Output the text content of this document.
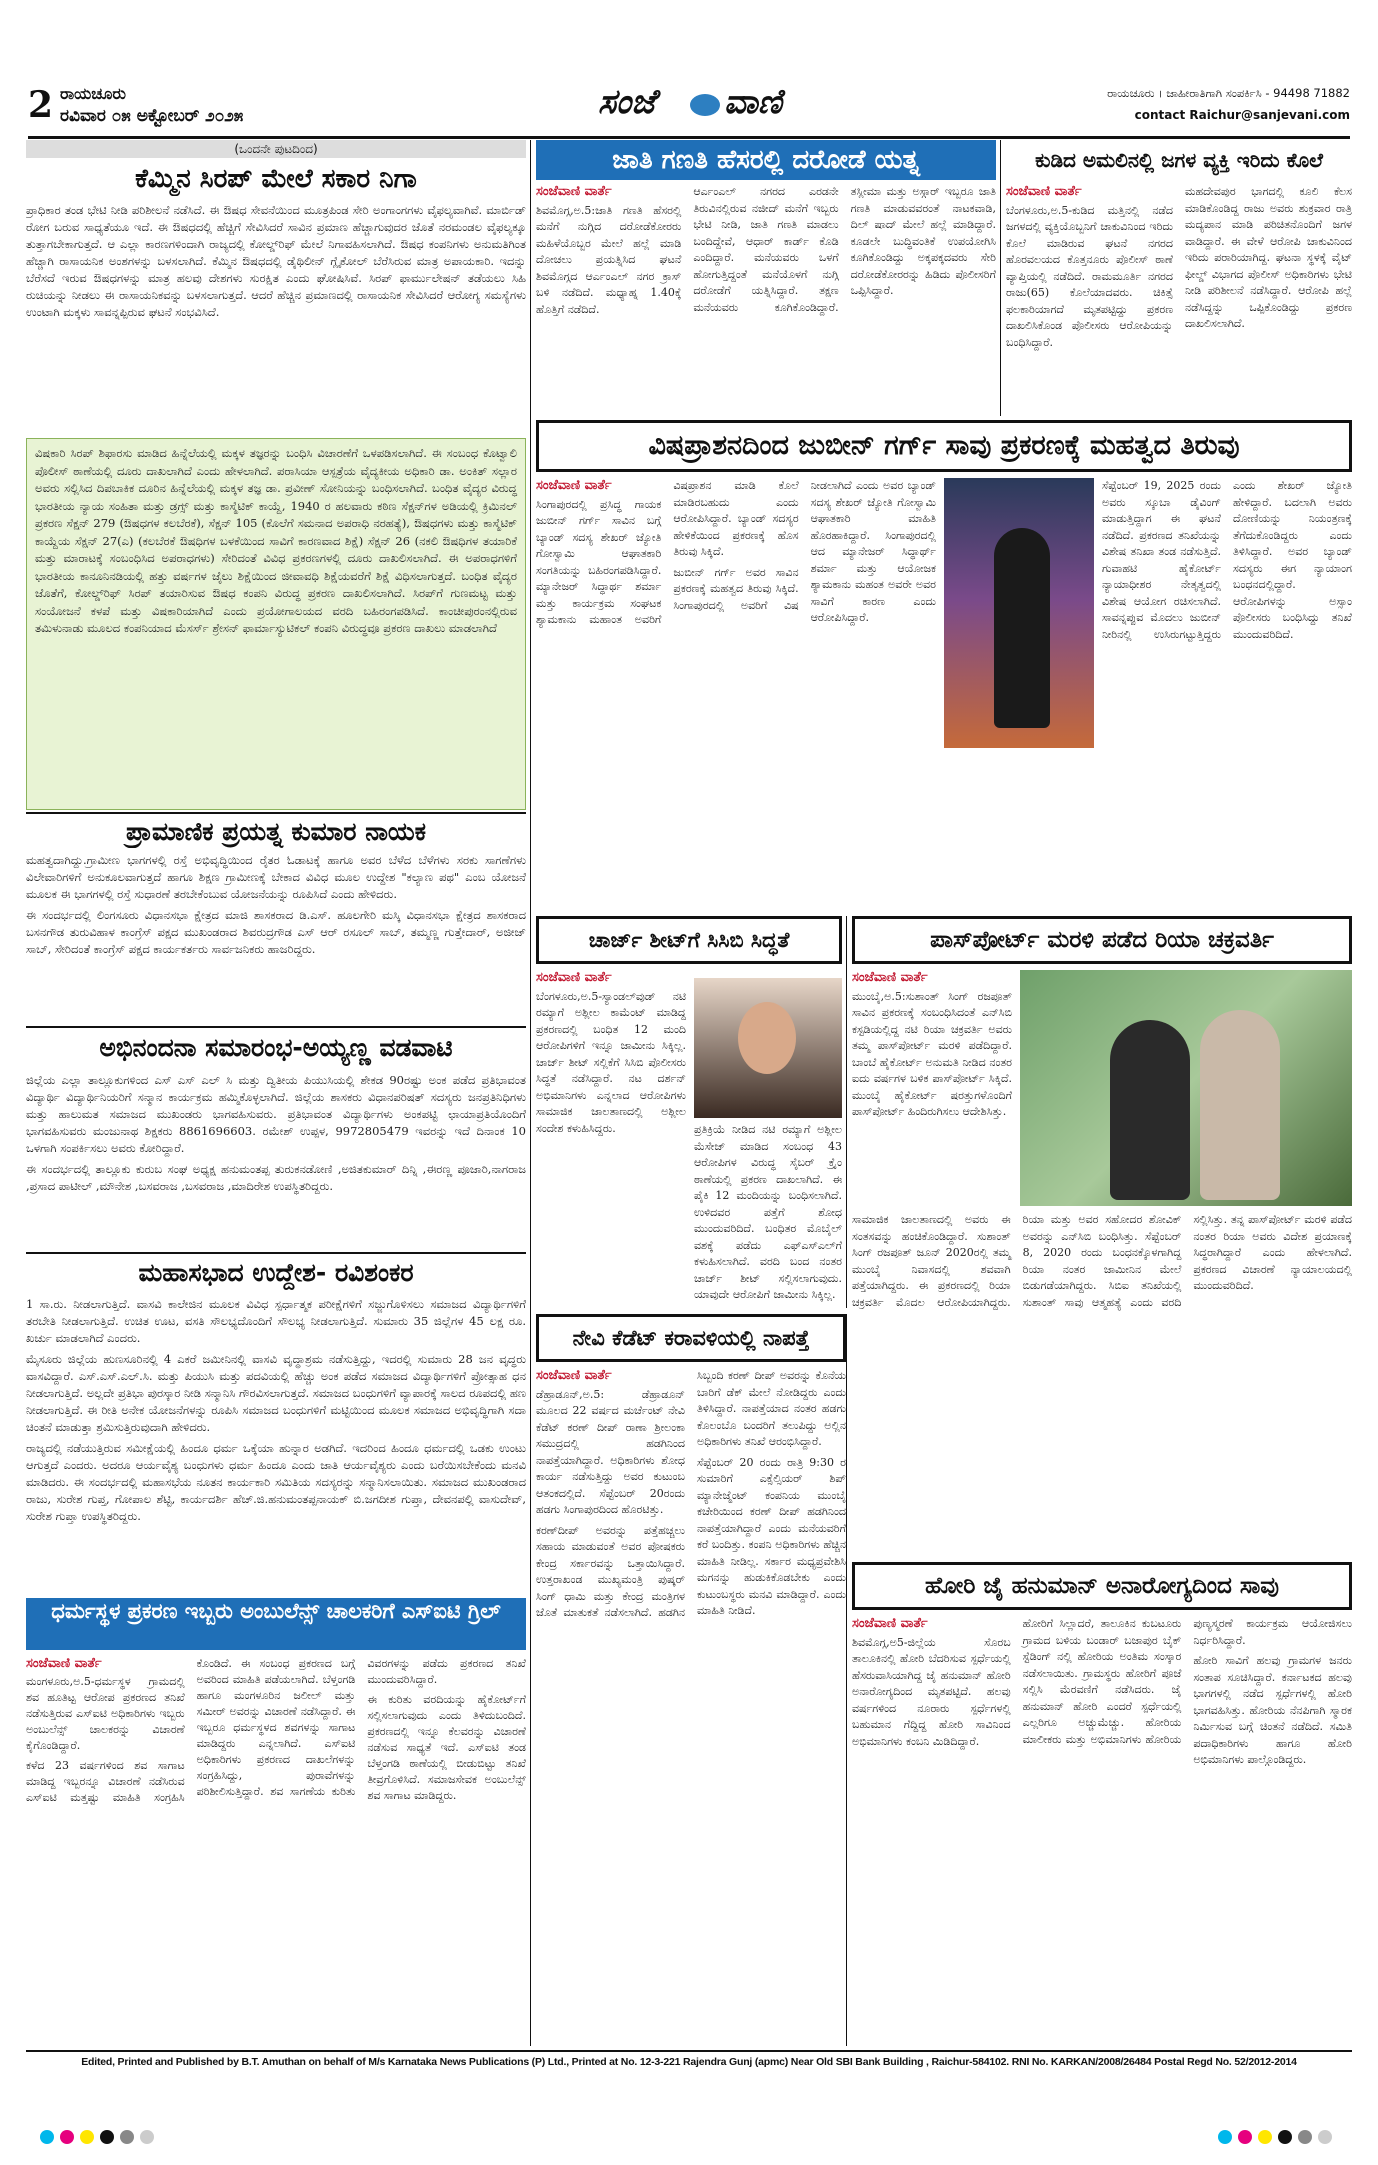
2 ರಾಯಚೂರು
ರವಿವಾರ ೦೫ ಅಕ್ಟೋಬರ್ ೨೦೨೫	ಸಂಜೆ ವಾಣಿ	ರಾಯಚೂರು । ಜಾಹೀರಾತಿಗಾಗಿ ಸಂಪರ್ಕಿಸಿ - 94498 71882
contact Raichur@sanjevani.com
(ಒಂದನೇ ಪುಟದಿಂದ)
ಕೆಮ್ಮಿನ ಸಿರಪ್ ಮೇಲೆ ಸಕಾರ ನಿಗಾ

ಪ್ರಾಧಿಕಾರ ತಂಡ ಭೇಟಿ ನೀಡಿ ಪರಿಶೀಲನೆ ನಡೆಸಿದೆ. ಈ ಔಷಧ ಸೇವನೆಯಿಂದ ಮೂತ್ರಪಿಂಡ ಸೇರಿ ಅಂಗಾಂಗಗಳು ವೈಫಲ್ಯವಾಗಿವೆ. ಮಾರ್ಬಿಡ್ ರೋಗ ಬರುವ ಸಾಧ್ಯತೆಯೂ ಇದೆ. ಈ ಔಷಧದಲ್ಲಿ ಹೆಚ್ಚಿಗೆ ಸೇವಿಸಿದರೆ ಸಾವಿನ ಪ್ರಮಾಣ ಹೆಚ್ಚಾಗುವುದರ ಜೊತೆ ನರಮಂಡಲ ವೈಫಲ್ಯಕ್ಕೂ ತುತ್ತಾಗಬೇಕಾಗುತ್ತದೆ. ಆ ಎಲ್ಲಾ ಕಾರಣಗಳಿಂದಾಗಿ ರಾಜ್ಯದಲ್ಲಿ ಕೋಲ್ಡ್‌ರಿಫ್ ಮೇಲೆ ನಿಗಾವಹಿಸಲಾಗಿದೆ. ಔಷಧ ಕಂಪನಿಗಳು ಅನುಮತಿಗಿಂತ ಹೆಚ್ಚಾಗಿ ರಾಸಾಯನಿಕ ಅಂಶಗಳನ್ನು ಬಳಸಲಾಗಿದೆ. ಕೆಮ್ಮಿನ ಔಷಧದಲ್ಲಿ ಡೈಥಿಲೀನ್ ಗ್ಲೈಕೋಲ್ ಬೆರೆಸಿರುವ ಮಾತ್ರ ಅಪಾಯಕಾರಿ. ಇದನ್ನು ಬೆರೆಸದೆ ಇರುವ ಔಷಧಗಳನ್ನು ಮಾತ್ರ ಹಲವು ದೇಶಗಳು ಸುರಕ್ಷಿತ ಎಂದು ಘೋಷಿಸಿವೆ. ಸಿರಪ್ ಫಾರ್ಮುಲೇಷನ್ ತಡೆಯಲು ಸಿಹಿ ರುಚಿಯನ್ನು ನೀಡಲು ಈ ರಾಸಾಯನಿಕವನ್ನು ಬಳಸಲಾಗುತ್ತದೆ. ಆದರೆ ಹೆಚ್ಚಿನ ಪ್ರಮಾಣದಲ್ಲಿ ರಾಸಾಯನಿಕ ಸೇವಿಸಿದರೆ ಆರೋಗ್ಯ ಸಮಸ್ಯೆಗಳು ಉಂಟಾಗಿ ಮಕ್ಕಳು ಸಾವನ್ನಪ್ಪಿರುವ ಘಟನೆ ಸಂಭವಿಸಿದೆ.

ವಿಷಕಾರಿ ಸಿರಪ್ ಶಿಫಾರಸು ಮಾಡಿದ ಹಿನ್ನೆಲೆಯಲ್ಲಿ ಮಕ್ಕಳ ತಜ್ಞರನ್ನು ಬಂಧಿಸಿ ವಿಚಾರಣೆಗೆ ಒಳಪಡಿಸಲಾಗಿದೆ. ಈ ಸಂಬಂಧ ಕೊಟ್ವಾಲಿ ಪೊಲೀಸ್ ಠಾಣೆಯಲ್ಲಿ ದೂರು ದಾಖಲಾಗಿದೆ ಎಂದು ಹೇಳಲಾಗಿದೆ. ಪರಾಸಿಯಾ ಆಸ್ಪತ್ರೆಯ ವೈದ್ಯಕೀಯ ಅಧಿಕಾರಿ ಡಾ. ಅಂಕಿತ್ ಸಲ್ಲಾರ ಅವರು ಸಲ್ಲಿಸಿದ ದಿಪಬಾಕಿಕ ದೂರಿನ ಹಿನ್ನೆಲೆಯಲ್ಲಿ ಮಕ್ಕಳ ತಜ್ಞ ಡಾ. ಪ್ರವೀಣ್ ಸೋನಿಯನ್ನು ಬಂಧಿಸಲಾಗಿದೆ. ಬಂಧಿತ ವೈದ್ಯರ ವಿರುದ್ಧ ಭಾರತೀಯ ನ್ಯಾಯ ಸಂಹಿತಾ ಮತ್ತು ಡ್ರಗ್ಸ್ ಮತ್ತು ಕಾಸ್ಮೆಟಿಕ್ ಕಾಯ್ದೆ, 1940 ರ ಹಲವಾರು ಕಠಿಣ ಸೆಕ್ಷನ್‌ಗಳ ಅಡಿಯಲ್ಲಿ ಕ್ರಿಮಿನಲ್ ಪ್ರಕರಣ ಸೆಕ್ಷನ್ 279 (ಔಷಧಗಳ ಕಲಬೆರಕೆ), ಸೆಕ್ಷನ್ 105 (ಕೊಲೆಗೆ ಸಮನಾದ ಅಪರಾಧಿ ನರಹತ್ಯೆ), ಔಷಧಗಳು ಮತ್ತು ಕಾಸ್ಮೆಟಿಕ್ ಕಾಯ್ದೆಯ ಸೆಕ್ಷನ್ 27(ಎ) (ಕಲಬೆರಕೆ ಔಷಧಿಗಳ ಬಳಕೆಯಿಂದ ಸಾವಿಗೆ ಕಾರಣವಾದ ಶಿಕ್ಷೆ) ಸೆಕ್ಷನ್ 26 (ನಕಲಿ ಔಷಧಿಗಳ ತಯಾರಿಕೆ ಮತ್ತು ಮಾರಾಟಕ್ಕೆ ಸಂಬಂಧಿಸಿದ ಅಪರಾಧಗಳು) ಸೇರಿದಂತೆ ವಿವಿಧ ಪ್ರಕರಣಗಳಲ್ಲಿ ದೂರು ದಾಖಲಿಸಲಾಗಿದೆ. ಈ ಅಪರಾಧಗಳಿಗೆ ಭಾರತೀಯ ಕಾನೂನಿನಡಿಯಲ್ಲಿ ಹತ್ತು ವರ್ಷಗಳ ಜೈಲು ಶಿಕ್ಷೆಯಿಂದ ಜೀವಾವಧಿ ಶಿಕ್ಷೆಯವರೆಗೆ ಶಿಕ್ಷೆ ವಿಧಿಸಲಾಗುತ್ತದೆ. ಬಂಧಿತ ವೈದ್ಯರ ಜೊತೆಗೆ, ಕೋಲ್ಡ್‌ರಿಫ್ ಸಿರಪ್ ತಯಾರಿಸುವ ಔಷಧ ಕಂಪನಿ ವಿರುದ್ಧ ಪ್ರಕರಣ ದಾಖಲಿಸಲಾಗಿದೆ. ಸಿರಪ್‌ಗೆ ಗುಣಮಟ್ಟ ಮತ್ತು ಸಂಯೋಜನೆ ಕಳಪೆ ಮತ್ತು ವಿಷಕಾರಿಯಾಗಿದೆ ಎಂದು ಪ್ರಯೋಗಾಲಯದ ವರದಿ ಬಹಿರಂಗಪಡಿಸಿದೆ. ಕಾಂಚೀಪುರಂನಲ್ಲಿರುವ ತಮಿಳುನಾಡು ಮೂಲದ ಕಂಪನಿಯಾದ ಮೆಸರ್ಸ್ ಶ್ರೇಸನ್ ಫಾರ್ಮಾಸ್ಯುಟಿಕಲ್ ಕಂಪನಿ ವಿರುದ್ಧವೂ ಪ್ರಕರಣ ದಾಖಲು ಮಾಡಲಾಗಿದೆ

ಪ್ರಾಮಾಣಿಕ ಪ್ರಯತ್ನ ಕುಮಾರ ನಾಯಕ

ಮಹತ್ವದಾಗಿದ್ದು.ಗ್ರಾಮೀಣ ಭಾಗಗಳಲ್ಲಿ ರಸ್ತೆ ಅಭಿವೃದ್ಧಿಯಿಂದ ರೈತರ ಓಡಾಟಕ್ಕೆ ಹಾಗೂ ಅವರ ಬೆಳೆದ ಬೆಳೆಗಳು ಸರಕು ಸಾಗಣೆಗಳು ವಿಲೇವಾರಿಗಳಿಗೆ ಅನುಕೂಲವಾಗುತ್ತದೆ ಹಾಗೂ ಶಿಕ್ಷಣ ಗ್ರಾಮೀಣಕ್ಕೆ ಬೇಕಾದ ವಿವಿಧ ಮೂಲ ಉದ್ದೇಶ "ಕಲ್ಯಾಣ ಪಥ" ಎಂಬ ಯೋಜನೆ ಮೂಲಕ ಈ ಭಾಗಗಳಲ್ಲಿ ರಸ್ತೆ ಸುಧಾರಣೆ ತರಬೇಕೆಂಬುವ ಯೋಜನೆಯನ್ನು ರೂಪಿಸಿದೆ ಎಂದು ಹೇಳಿದರು.

ಈ ಸಂದರ್ಭದಲ್ಲಿ ಲಿಂಗಸೂರು ವಿಧಾನಸಭಾ ಕ್ಷೇತ್ರದ ಮಾಜಿ ಶಾಸಕರಾದ ಡಿ.ಎಸ್. ಹೂಲಗೇರಿ ಮಸ್ಕಿ ವಿಧಾನಸಭಾ ಕ್ಷೇತ್ರದ ಶಾಸಕರಾದ ಬಸನಗೌಡ ತುರುವಿಹಾಳ ಕಾಂಗ್ರೆಸ್ ಪಕ್ಷದ ಮುಖಂಡರಾದ ಶಿವರುದ್ರಗೌಡ ಎಸ್ ಆರ್ ರಸೂಲ್ ಸಾಬ್, ತಮ್ಮಣ್ಣ ಗುತ್ತೇದಾರ್, ಅಜೀಜ್ ಸಾಬ್, ಸೇರಿದಂತೆ ಕಾಂಗ್ರೆಸ್ ಪಕ್ಷದ ಕಾರ್ಯಕರ್ತರು ಸಾರ್ವಜನಿಕರು ಹಾಜರಿದ್ದರು.

ಅಭಿನಂದನಾ ಸಮಾರಂಭ-ಅಯ್ಯಣ್ಣ ವಡವಾಟಿ

ಜಿಲ್ಲೆಯ ಎಲ್ಲಾ ತಾಲ್ಲೂಕುಗಳಿಂದ ಎಸ್ ಎಸ್ ಎಲ್ ಸಿ ಮತ್ತು ದ್ವಿತೀಯ ಪಿಯುಸಿಯಲ್ಲಿ ಶೇಕಡ 90ರಷ್ಟು ಅಂಕ ಪಡೆದ ಪ್ರತಿಭಾವಂತ ವಿದ್ಯಾರ್ಥಿ ವಿದ್ಯಾರ್ಥಿನಿಯರಿಗೆ ಸನ್ಮಾನ ಕಾರ್ಯಕ್ರಮ ಹಮ್ಮಿಕೊಳ್ಳಲಾಗಿದೆ. ಜಿಲ್ಲೆಯ ಶಾಸಕರು ವಿಧಾನಪರಿಷತ್ ಸದಸ್ಯರು ಜನಪ್ರತಿನಿಧಿಗಳು ಮತ್ತು ಹಾಲುಮತ ಸಮಾಜದ ಮುಖಂಡರು ಭಾಗವಹಿಸುವರು. ಪ್ರತಿಭಾವಂತ ವಿದ್ಯಾರ್ಥಿಗಳು ಅಂಕಪಟ್ಟಿ ಛಾಯಾಪ್ರತಿಯೊಂದಿಗೆ ಭಾಗವಹಿಸುವರು ಮಂಜುನಾಥ ಶಿಕ್ಷಕರು 8861696603. ರಮೇಶ್ ಉಪ್ಪಳ, 9972805479 ಇವರನ್ನು ಇದೆ ದಿನಾಂಕ 10 ಒಳಗಾಗಿ ಸಂಪರ್ಕಿಸಲು ಅವರು ಕೋರಿದ್ದಾರೆ.

ಈ ಸಂದರ್ಭದಲ್ಲಿ ತಾಲ್ಲೂಕು ಕುರುಬ ಸಂಘ ಅಧ್ಯಕ್ಷ ಹನುಮಂತಪ್ಪ ತುರುಕನಡೋಣಿ ,ಅಜಿತಕುಮಾರ್ ದಿನ್ನಿ ,ಈರಣ್ಣ ಪೂಜಾರಿ,ನಾಗರಾಜ ,ಪ್ರಸಾದ ಪಾಟೀಲ್ ,ಮೌನೇಶ ,ಬಸವರಾಜ ,ಬಸವರಾಜ ,ಮಾದಿರೇಶ ಉಪಸ್ಥಿತರಿದ್ದರು.

ಮಹಾಸಭಾದ ಉದ್ದೇಶ- ರವಿಶಂಕರ

1 ಸಾ.ರು. ನೀಡಲಾಗುತ್ತಿದೆ. ವಾಸವಿ ಕಾಲೇಜಿನ ಮೂಲಕ ವಿವಿಧ ಸ್ಪರ್ಧಾತ್ಮಕ ಪರೀಕ್ಷೆಗಳಿಗೆ ಸಜ್ಜುಗೊಳಿಸಲು ಸಮಾಜದ ವಿದ್ಯಾರ್ಥಿಗಳಿಗೆ ತರಬೇತಿ ನೀಡಲಾಗುತ್ತಿದೆ. ಉಚಿತ ಊಟ, ವಸತಿ ಸೌಲಭ್ಯದೊಂದಿಗೆ ಸೌಲಭ್ಯ ನೀಡಲಾಗುತ್ತಿದೆ. ಸುಮಾರು 35 ಜಿಲ್ಲೆಗಳ 45 ಲಕ್ಷ ರೂ. ಖರ್ಚು ಮಾಡಲಾಗಿದೆ ಎಂದರು.

ಮೈಸೂರು ಜಿಲ್ಲೆಯ ಹುಣಸೂರಿನಲ್ಲಿ 4 ಎಕರೆ ಜಮೀನಿನಲ್ಲಿ ವಾಸವಿ ವೃದ್ಧಾಶ್ರಮ ನಡೆಸುತ್ತಿದ್ದು, ಇದರಲ್ಲಿ ಸುಮಾರು 28 ಜನ ವೃದ್ಧರು ವಾಸವಿದ್ದಾರೆ. ಎಸ್.ಎಸ್.ಎಲ್.ಸಿ. ಮತ್ತು ಪಿಯುಸಿ ಮತ್ತು ಪದವಿಯಲ್ಲಿ ಹೆಚ್ಚು ಅಂಕ ಪಡೆದ ಸಮಾಜದ ವಿದ್ಯಾರ್ಥಿಗಳಿಗೆ ಪ್ರೋತ್ಸಾಹ ಧನ ನೀಡಲಾಗುತ್ತಿದೆ. ಅಲ್ಲದೇ ಪ್ರತಿಭಾ ಪುರಸ್ಕಾರ ನೀಡಿ ಸನ್ಮಾನಿಸಿ ಗೌರವಿಸಲಾಗುತ್ತದೆ. ಸಮಾಜದ ಬಂಧುಗಳಿಗೆ ವ್ಯಾಪಾರಕ್ಕೆ ಸಾಲದ ರೂಪದಲ್ಲಿ ಹಣ ನೀಡಲಾಗುತ್ತಿದೆ. ಈ ರೀತಿ ಅನೇಕ ಯೋಜನೆಗಳನ್ನು ರೂಪಿಸಿ ಸಮಾಜದ ಬಂಧುಗಳಿಗೆ ಮಟ್ಟಿಯಿಂದ ಮೂಲಕ ಸಮಾಜದ ಅಭಿವೃದ್ಧಿಗಾಗಿ ಸದಾ ಚಿಂತನೆ ಮಾಡುತ್ತಾ ಶ್ರಮಿಸುತ್ತಿರುವುದಾಗಿ ಹೇಳಿದರು.

ರಾಜ್ಯದಲ್ಲಿ ನಡೆಯುತ್ತಿರುವ ಸಮೀಕ್ಷೆಯಲ್ಲಿ ಹಿಂದೂ ಧರ್ಮ ಒಕ್ಕೆಯಾ ಹುನ್ನಾರ ಅಡಗಿದೆ. ಇದರಿಂದ ಹಿಂದೂ ಧರ್ಮದಲ್ಲಿ ಒಡಕು ಉಂಟು ಆಗುತ್ತದೆ ಎಂದರು. ಅದರೂ ಆರ್ಯವೈಶ್ಯ ಬಂಧುಗಳು ಧರ್ಮ ಹಿಂದೂ ಎಂದು ಜಾತಿ ಆರ್ಯವೈಶ್ಯರು ಎಂದು ಬರೆಯಿಸಬೇಕೆಂದು ಮನವಿ ಮಾಡಿದರು. ಈ ಸಂದರ್ಭದಲ್ಲಿ ಮಹಾಸಭೆಯ ನೂತನ ಕಾರ್ಯಕಾರಿ ಸಮಿತಿಯ ಸದಸ್ಯರನ್ನು ಸನ್ಮಾನಿಸಲಾಯಿತು. ಸಮಾಜದ ಮುಖಂಡರಾದ ರಾಜು, ಸುರೇಶ ಗುಪ್ತ, ಗೋಪಾಲ ಶೆಟ್ಟಿ, ಕಾರ್ಯದರ್ಶಿ ಹೆಚ್.ಜಿ.ಹನುಮಂತಪ್ಪನಾಯಕ್ ಬಿ.ಜಗದೀಶ ಗುಪ್ತಾ, ದೇವನಪಲ್ಲಿ ವಾಸುದೇವ್, ಸುರೇಶ ಗುಪ್ತಾ ಉಪಸ್ಥಿತರಿದ್ದರು.

ಧರ್ಮಸ್ಥಳ ಪ್ರಕರಣ ಇಬ್ಬರು ಅಂಬುಲೆನ್ಸ್ ಚಾಲಕರಿಗೆ ಎಸ್‌ಐಟಿ ಗ್ರಿಲ್
ಸಂಜೆವಾಣಿ ವಾರ್ತೆ

ಮಂಗಳೂರು,ಅ.5-ಧರ್ಮಸ್ಥಳ ಗ್ರಾಮದಲ್ಲಿ ಶವ ಹೂತಿಟ್ಟ ಆರೋಪ ಪ್ರಕರಣದ ತನಿಖೆ ನಡೆಸುತ್ತಿರುವ ಎಸ್‌ಐಟಿ ಅಧಿಕಾರಿಗಳು ಇಬ್ಬರು ಅಂಬುಲೆನ್ಸ್ ಚಾಲಕರನ್ನು ವಿಚಾರಣೆ ಕೈಗೊಂಡಿದ್ದಾರೆ.

ಕಳೆದ 23 ವರ್ಷಗಳಿಂದ ಶವ ಸಾಗಾಟ ಮಾಡಿದ್ದ ಇಬ್ಬರನ್ನೂ ವಿಚಾರಣೆ ನಡೆಸಿರುವ ಎಸ್‌ಐಟಿ ಮತ್ತಷ್ಟು ಮಾಹಿತಿ ಸಂಗ್ರಹಿಸಿ ಕೊಂಡಿದೆ. ಈ ಸಂಬಂಧ ಪ್ರಕರಣದ ಬಗ್ಗೆ ಅವರಿಂದ ಮಾಹಿತಿ ಪಡೆಯಲಾಗಿದೆ. ಬೆಳ್ತಂಗಡಿ ಹಾಗೂ ಮಂಗಳೂರಿನ ಜಲೀಲ್ ಮತ್ತು ಸಮೀರ್ ಅವರನ್ನು ವಿಚಾರಣೆ ನಡೆಸಿದ್ದಾರೆ. ಈ ಇಬ್ಬರೂ ಧರ್ಮಸ್ಥಳದ ಶವಗಳನ್ನು ಸಾಗಾಟ ಮಾಡಿದ್ದರು ಎನ್ನಲಾಗಿದೆ. ಎಸ್‌ಐಟಿ ಅಧಿಕಾರಿಗಳು ಪ್ರಕರಣದ ದಾಖಲೆಗಳನ್ನು ಸಂಗ್ರಹಿಸಿದ್ದು, ಪುರಾವೆಗಳನ್ನು ಪರಿಶೀಲಿಸುತ್ತಿದ್ದಾರೆ. ಶವ ಸಾಗಣೆಯ ಕುರಿತು ವಿವರಗಳನ್ನು ಪಡೆದು ಪ್ರಕರಣದ ತನಿಖೆ ಮುಂದುವರಿಸಿದ್ದಾರೆ.

ಈ ಕುರಿತು ವರದಿಯನ್ನು ಹೈಕೋರ್ಟ್‌ಗೆ ಸಲ್ಲಿಸಲಾಗುವುದು ಎಂದು ತಿಳಿದುಬಂದಿದೆ. ಪ್ರಕರಣದಲ್ಲಿ ಇನ್ನೂ ಕೆಲವರನ್ನು ವಿಚಾರಣೆ ನಡೆಸುವ ಸಾಧ್ಯತೆ ಇದೆ. ಎಸ್‌ಐಟಿ ತಂಡ ಬೆಳ್ತಂಗಡಿ ಠಾಣೆಯಲ್ಲಿ ಬೀಡುಬಿಟ್ಟು ತನಿಖೆ ತೀವ್ರಗೊಳಿಸಿದೆ. ಸಮಾಜಸೇವಕ ಅಂಬುಲೆನ್ಸ್ ಶವ ಸಾಗಾಟ ಮಾಡಿದ್ದರು.

ಜಾತಿ ಗಣತಿ ಹೆಸರಲ್ಲಿ ದರೋಡೆ ಯತ್ನ
ಸಂಜೆವಾಣಿ ವಾರ್ತೆ

ಶಿವಮೊಗ್ಗ,ಅ.5:ಜಾತಿ ಗಣತಿ ಹೆಸರಲ್ಲಿ ಮನೆಗೆ ನುಗ್ಗಿದ ದರೋಡೆಕೋರರು ಮಹಿಳೆಯೊಬ್ಬರ ಮೇಲೆ ಹಲ್ಲೆ ಮಾಡಿ ದೋಚಲು ಪ್ರಯತ್ನಿಸಿದ ಘಟನೆ ಶಿವಮೊಗ್ಗದ ಆರ್ಎಂಎಲ್ ನಗರ ಕ್ರಾಸ್ ಬಳಿ ನಡೆದಿದೆ. ಮಧ್ಯಾಹ್ನ 1.40ಕ್ಕೆ ಹೊತ್ತಿಗೆ ನಡೆದಿದೆ.

ಆರ್ಎಂಎಲ್ ನಗರದ ಎರಡನೇ ತಿರುವಿನಲ್ಲಿರುವ ನಜೀದ್ ಮನೆಗೆ ಇಬ್ಬರು ಭೇಟಿ ನೀಡಿ, ಜಾತಿ ಗಣತಿ ಮಾಡಲು ಬಂದಿದ್ದೇವೆ, ಆಧಾರ್ ಕಾರ್ಡ್ ಕೊಡಿ ಎಂದಿದ್ದಾರೆ. ಮನೆಯವರು ಒಳಗೆ ಹೋಗುತ್ತಿದ್ದಂತೆ ಮನೆಯೊಳಗೆ ನುಗ್ಗಿ ದರೋಡೆಗೆ ಯತ್ನಿಸಿದ್ದಾರೆ. ತಕ್ಷಣ ಮನೆಯವರು ಕೂಗಿಕೊಂಡಿದ್ದಾರೆ. ತಸ್ಲೀಮಾ ಮತ್ತು ಅಸ್ಗಾರ್‌ ಇಬ್ಬರೂ ಜಾತಿ ಗಣತಿ ಮಾಡುವವರಂತೆ ನಾಟಕವಾಡಿ, ದಿಲ್ ಷಾದ್ ಮೇಲೆ ಹಲ್ಲೆ ಮಾಡಿದ್ದಾರೆ. ಕೂಡಲೇ ಬುದ್ಧಿವಂತಿಕೆ ಉಪಯೋಗಿಸಿ ಕೂಗಿಕೊಂಡಿದ್ದು ಅಕ್ಕಪಕ್ಕದವರು ಸೇರಿ ದರೋಡೆಕೋರರನ್ನು ಹಿಡಿದು ಪೊಲೀಸರಿಗೆ ಒಪ್ಪಿಸಿದ್ದಾರೆ.

ಕುಡಿದ ಅಮಲಿನಲ್ಲಿ ಜಗಳ ವ್ಯಕ್ತಿ ಇರಿದು ಕೊಲೆ
ಸಂಜೆವಾಣಿ ವಾರ್ತೆ

ಬೆಂಗಳೂರು,ಅ.5-ಕುಡಿದ ಮತ್ತಿನಲ್ಲಿ ನಡೆದ ಜಗಳದಲ್ಲಿ ವ್ಯಕ್ತಿಯೊಬ್ಬನಿಗೆ ಚಾಕುವಿನಿಂದ ಇರಿದು ಕೊಲೆ ಮಾಡಿರುವ ಘಟನೆ ನಗರದ ಹೊರವಲಯದ ಕೊತ್ತನೂರು ಪೊಲೀಸ್ ಠಾಣೆ ವ್ಯಾಪ್ತಿಯಲ್ಲಿ ನಡೆದಿದೆ. ರಾಮಮೂರ್ತಿ ನಗರದ ರಾಜು(65) ಕೊಲೆಯಾದವರು. ಚಿಕಿತ್ಸೆ ಫಲಕಾರಿಯಾಗದೆ ಮೃತಪಟ್ಟಿದ್ದು ಪ್ರಕರಣ ದಾಖಲಿಸಿಕೊಂಡ ಪೊಲೀಸರು ಆರೋಪಿಯನ್ನು ಬಂಧಿಸಿದ್ದಾರೆ.

ಮಹದೇವಪುರ ಭಾಗದಲ್ಲಿ ಕೂಲಿ ಕೆಲಸ ಮಾಡಿಕೊಂಡಿದ್ದ ರಾಜು ಅವರು ಶುಕ್ರವಾರ ರಾತ್ರಿ ಮದ್ಯಪಾನ ಮಾಡಿ ಪರಿಚಿತನೊಂದಿಗೆ ಜಗಳ ವಾಡಿದ್ದಾರೆ. ಈ ವೇಳೆ ಆರೋಪಿ ಚಾಕುವಿನಿಂದ ಇರಿದು ಪರಾರಿಯಾಗಿದ್ದ. ಘಟನಾ ಸ್ಥಳಕ್ಕೆ ವೈಟ್ ಫೀಲ್ಡ್ ವಿಭಾಗದ ಪೊಲೀಸ್ ಅಧಿಕಾರಿಗಳು ಭೇಟಿ ನೀಡಿ ಪರಿಶೀಲನೆ ನಡೆಸಿದ್ದಾರೆ. ಆರೋಪಿ ಹಲ್ಲೆ ನಡೆಸಿದ್ದನ್ನು ಒಪ್ಪಿಕೊಂಡಿದ್ದು ಪ್ರಕರಣ ದಾಖಲಿಸಲಾಗಿದೆ.

ವಿಷಪ್ರಾಶನದಿಂದ ಜುಬೀನ್ ಗರ್ಗ್ ಸಾವು ಪ್ರಕರಣಕ್ಕೆ ಮಹತ್ವದ ತಿರುವು
ಸಂಜೆವಾಣಿ ವಾರ್ತೆ

ಸಿಂಗಾಪುರದಲ್ಲಿ ಪ್ರಸಿದ್ಧ ಗಾಯಕ ಜುಬೀನ್ ಗರ್ಗ್ ಸಾವಿನ ಬಗ್ಗೆ ಬ್ಯಾಂಡ್ ಸದಸ್ಯ ಶೇಖರ್ ಜ್ಯೋತಿ ಗೋಸ್ವಾಮಿ ಆಘಾತಕಾರಿ ಸಂಗತಿಯನ್ನು ಬಹಿರಂಗಪಡಿಸಿದ್ದಾರೆ. ಮ್ಯಾನೇಜರ್ ಸಿದ್ಧಾರ್ಥ ಶರ್ಮಾ ಮತ್ತು ಕಾರ್ಯಕ್ರಮ ಸಂಘಟಕ ಶ್ಯಾಮಕಾನು ಮಹಾಂತ ಅವರಿಗೆ ವಿಷಪ್ರಾಶನ ಮಾಡಿ ಕೊಲೆ ಮಾಡಿರಬಹುದು ಎಂದು ಆರೋಪಿಸಿದ್ದಾರೆ. ಬ್ಯಾಂಡ್ ಸದಸ್ಯರ ಹೇಳಿಕೆಯಿಂದ ಪ್ರಕರಣಕ್ಕೆ ಹೊಸ ತಿರುವು ಸಿಕ್ಕಿದೆ.

ಜುಬೀನ್ ಗರ್ಗ್ ಅವರ ಸಾವಿನ ಪ್ರಕರಣಕ್ಕೆ ಮಹತ್ವದ ತಿರುವು ಸಿಕ್ಕಿದೆ. ಸಿಂಗಾಪುರದಲ್ಲಿ ಅವರಿಗೆ ವಿಷ ನೀಡಲಾಗಿದೆ ಎಂದು ಅವರ ಬ್ಯಾಂಡ್ ಸದಸ್ಯ ಶೇಖರ್ ಜ್ಯೋತಿ ಗೋಸ್ವಾಮಿ ಆಘಾತಕಾರಿ ಮಾಹಿತಿ ಹೊರಹಾಕಿದ್ದಾರೆ. ಸಿಂಗಾಪುರದಲ್ಲಿ ಆದ ಮ್ಯಾನೇಜರ್ ಸಿದ್ಧಾರ್ಥ್ ಶರ್ಮಾ ಮತ್ತು ಆಯೋಜಕ ಶ್ಯಾಮಕಾನು ಮಹಂತ ಅವರೇ ಅವರ ಸಾವಿಗೆ ಕಾರಣ ಎಂದು ಆರೋಪಿಸಿದ್ದಾರೆ.

ಸೆಪ್ಟೆಂಬರ್ 19, 2025 ರಂದು ಅವರು ಸ್ಕೂಬಾ ಡೈವಿಂಗ್ ಮಾಡುತ್ತಿದ್ದಾಗ ಈ ಘಟನೆ ನಡೆದಿದೆ. ಪ್ರಕರಣದ ತನಿಖೆಯನ್ನು ವಿಶೇಷ ತನಿಖಾ ತಂಡ ನಡೆಸುತ್ತಿದೆ. ಗುವಾಹಟಿ ಹೈಕೋರ್ಟ್ ನ್ಯಾಯಾಧೀಶರ ನೇತೃತ್ವದಲ್ಲಿ ವಿಶೇಷ ಆಯೋಗ ರಚಿಸಲಾಗಿದೆ. ಸಾವನ್ನಪ್ಪುವ ಮೊದಲು ಜುಬೀನ್ ನೀರಿನಲ್ಲಿ ಉಸಿರುಗಟ್ಟುತ್ತಿದ್ದರು ಎಂದು ಶೇಖರ್ ಜ್ಯೋತಿ ಹೇಳಿದ್ದಾರೆ. ಬದಲಾಗಿ ಅವರು ದೋಣಿಯನ್ನು ನಿಯಂತ್ರಣಕ್ಕೆ ತೆಗೆದುಕೊಂಡಿದ್ದರು ಎಂದು ತಿಳಿಸಿದ್ದಾರೆ. ಅವರ ಬ್ಯಾಂಡ್ ಸದಸ್ಯರು ಈಗ ನ್ಯಾಯಾಂಗ ಬಂಧನದಲ್ಲಿದ್ದಾರೆ. ಆರೋಪಿಗಳನ್ನು ಅಸ್ಸಾಂ ಪೊಲೀಸರು ಬಂಧಿಸಿದ್ದು ತನಿಖೆ ಮುಂದುವರಿದಿದೆ.

ಚಾರ್ಜ್ ಶೀಟ್‌ಗೆ ಸಿಸಿಬಿ ಸಿದ್ಧತೆ
ಸಂಜೆವಾಣಿ ವಾರ್ತೆ

ಬೆಂಗಳೂರು,ಅ.5-ಸ್ಯಾಂಡಲ್‌ವುಡ್ ನಟಿ ರಮ್ಯಾಗೆ ಅಶ್ಲೀಲ ಕಾಮೆಂಟ್ ಮಾಡಿದ್ದ ಪ್ರಕರಣದಲ್ಲಿ ಬಂಧಿತ 12 ಮಂದಿ ಆರೋಪಿಗಳಿಗೆ ಇನ್ನೂ ಜಾಮೀನು ಸಿಕ್ಕಿಲ್ಲ. ಚಾರ್ಜ್ ಶೀಟ್ ಸಲ್ಲಿಕೆಗೆ ಸಿಸಿಬಿ ಪೊಲೀಸರು ಸಿದ್ಧತೆ ನಡೆಸಿದ್ದಾರೆ. ನಟ ದರ್ಶನ್ ಅಭಿಮಾನಿಗಳು ಎನ್ನಲಾದ ಆರೋಪಿಗಳು ಸಾಮಾಜಿಕ ಜಾಲತಾಣದಲ್ಲಿ ಅಶ್ಲೀಲ ಸಂದೇಶ ಕಳುಹಿಸಿದ್ದರು.	ಪ್ರತಿಕ್ರಿಯೆ ನೀಡಿದ ನಟಿ ರಮ್ಯಾಗೆ ಅಶ್ಲೀಲ ಮೆಸೇಜ್ ಮಾಡಿದ ಸಂಬಂಧ 43 ಆರೋಪಿಗಳ ವಿರುದ್ಧ ಸೈಬರ್ ಕ್ರೈಂ ಠಾಣೆಯಲ್ಲಿ ಪ್ರಕರಣ ದಾಖಲಾಗಿದೆ. ಈ ಪೈಕಿ 12 ಮಂದಿಯನ್ನು ಬಂಧಿಸಲಾಗಿದೆ. ಉಳಿದವರ ಪತ್ತೆಗೆ ಶೋಧ ಮುಂದುವರಿದಿದೆ. ಬಂಧಿತರ ಮೊಬೈಲ್ ವಶಕ್ಕೆ ಪಡೆದು ಎಫ್‌ಎಸ್‌ಎಲ್‌ಗೆ ಕಳುಹಿಸಲಾಗಿದೆ. ವರದಿ ಬಂದ ನಂತರ ಚಾರ್ಜ್ ಶೀಟ್ ಸಲ್ಲಿಸಲಾಗುವುದು. ಯಾವುದೇ ಆರೋಪಿಗೆ ಜಾಮೀನು ಸಿಕ್ಕಿಲ್ಲ.

ಪಾಸ್‌ಪೋರ್ಟ್ ಮರಳಿ ಪಡೆದ ರಿಯಾ ಚಕ್ರವರ್ತಿ
ಸಂಜೆವಾಣಿ ವಾರ್ತೆ

ಮುಂಬೈ,ಅ.5:ಸುಶಾಂತ್ ಸಿಂಗ್ ರಜಪೂತ್ ಸಾವಿನ ಪ್ರಕರಣಕ್ಕೆ ಸಂಬಂಧಿಸಿದಂತೆ ಎನ್‌ಸಿಬಿ ಕಸ್ಟಡಿಯಲ್ಲಿದ್ದ ನಟಿ ರಿಯಾ ಚಕ್ರವರ್ತಿ ಅವರು ತಮ್ಮ ಪಾಸ್‌ಪೋರ್ಟ್ ಮರಳಿ ಪಡೆದಿದ್ದಾರೆ. ಬಾಂಬೆ ಹೈಕೋರ್ಟ್ ಅನುಮತಿ ನೀಡಿದ ನಂತರ ಐದು ವರ್ಷಗಳ ಬಳಿಕ ಪಾಸ್‌ಪೋರ್ಟ್ ಸಿಕ್ಕಿದೆ. ಮುಂಬೈ ಹೈಕೋರ್ಟ್ ಷರತ್ತುಗಳೊಂದಿಗೆ ಪಾಸ್‌ಪೋರ್ಟ್ ಹಿಂದಿರುಗಿಸಲು ಆದೇಶಿಸಿತ್ತು.

ಸಾಮಾಜಿಕ ಜಾಲತಾಣದಲ್ಲಿ ಅವರು ಈ ಸಂತಸವನ್ನು ಹಂಚಿಕೊಂಡಿದ್ದಾರೆ. ಸುಶಾಂತ್ ಸಿಂಗ್ ರಜಪೂತ್ ಜೂನ್ 2020ರಲ್ಲಿ ತಮ್ಮ ಮುಂಬೈ ನಿವಾಸದಲ್ಲಿ ಶವವಾಗಿ ಪತ್ತೆಯಾಗಿದ್ದರು. ಈ ಪ್ರಕರಣದಲ್ಲಿ ರಿಯಾ ಚಕ್ರವರ್ತಿ ಮೊದಲ ಆರೋಪಿಯಾಗಿದ್ದರು. ರಿಯಾ ಮತ್ತು ಅವರ ಸಹೋದರ ಶೋವಿಕ್ ಅವರನ್ನು ಎನ್‌ಸಿಬಿ ಬಂಧಿಸಿತ್ತು. ಸೆಪ್ಟೆಂಬರ್ 8, 2020 ರಂದು ಬಂಧನಕ್ಕೊಳಗಾಗಿದ್ದ ರಿಯಾ ನಂತರ ಜಾಮೀನಿನ ಮೇಲೆ ಬಿಡುಗಡೆಯಾಗಿದ್ದರು. ಸಿಬಿಐ ತನಿಖೆಯಲ್ಲಿ ಸುಶಾಂತ್ ಸಾವು ಆತ್ಮಹತ್ಯೆ ಎಂದು ವರದಿ ಸಲ್ಲಿಸಿತ್ತು. ತನ್ನ ಪಾಸ್‌ಪೋರ್ಟ್ ಮರಳಿ ಪಡೆದ ನಂತರ ರಿಯಾ ಅವರು ವಿದೇಶ ಪ್ರಯಾಣಕ್ಕೆ ಸಿದ್ಧರಾಗಿದ್ದಾರೆ ಎಂದು ಹೇಳಲಾಗಿದೆ. ಪ್ರಕರಣದ ವಿಚಾರಣೆ ನ್ಯಾಯಾಲಯದಲ್ಲಿ ಮುಂದುವರಿದಿದೆ.

ನೇವಿ ಕೆಡೆಟ್ ಕರಾವಳಿಯಲ್ಲಿ ನಾಪತ್ತೆ
ಸಂಜೆವಾಣಿ ವಾರ್ತೆ

ಡೆಹ್ರಾಡೂನ್,ಅ.5: ಡೆಹ್ರಾಡೂನ್ ಮೂಲದ 22 ವರ್ಷದ ಮರ್ಚೆಂಟ್ ನೇವಿ ಕೆಡೆಟ್ ಕರಣ್ ದೀಪ್ ರಾಣಾ ಶ್ರೀಲಂಕಾ ಸಮುದ್ರದಲ್ಲಿ ಹಡಗಿನಿಂದ ನಾಪತ್ತೆಯಾಗಿದ್ದಾರೆ. ಅಧಿಕಾರಿಗಳು ಶೋಧ ಕಾರ್ಯ ನಡೆಸುತ್ತಿದ್ದು ಅವರ ಕುಟುಂಬ ಆತಂಕದಲ್ಲಿದೆ. ಸೆಪ್ಟೆಂಬರ್ 20ರಂದು ಹಡಗು ಸಿಂಗಾಪುರದಿಂದ ಹೊರಟಿತ್ತು.

ಕರಣ್‌ದೀಪ್ ಅವರನ್ನು ಪತ್ತೆಹಚ್ಚಲು ಸಹಾಯ ಮಾಡುವಂತೆ ಅವರ ಪೋಷಕರು ಕೇಂದ್ರ ಸರ್ಕಾರವನ್ನು ಒತ್ತಾಯಿಸಿದ್ದಾರೆ. ಉತ್ತರಾಖಂಡ ಮುಖ್ಯಮಂತ್ರಿ ಪುಷ್ಕರ್ ಸಿಂಗ್ ಧಾಮಿ ಮತ್ತು ಕೇಂದ್ರ ಮಂತ್ರಿಗಳ ಜೊತೆ ಮಾತುಕತೆ ನಡೆಸಲಾಗಿದೆ. ಹಡಗಿನ ಸಿಬ್ಬಂದಿ ಕರಣ್ ದೀಪ್ ಅವರನ್ನು ಕೊನೆಯ ಬಾರಿಗೆ ಡೆಕ್ ಮೇಲೆ ನೋಡಿದ್ದರು ಎಂದು ತಿಳಿಸಿದ್ದಾರೆ. ನಾಪತ್ತೆಯಾದ ನಂತರ ಹಡಗು ಕೊಲಂಬೊ ಬಂದರಿಗೆ ತಲುಪಿದ್ದು ಅಲ್ಲಿನ ಅಧಿಕಾರಿಗಳು ತನಿಖೆ ಆರಂಭಿಸಿದ್ದಾರೆ.

ಸೆಪ್ಟೆಂಬರ್ 20 ರಂದು ರಾತ್ರಿ 9:30 ರ ಸುಮಾರಿಗೆ ಎಕ್ಸೆಲ್ಸಿಯರ್ ಶಿಪ್ ಮ್ಯಾನೇಜ್ಮೆಂಟ್ ಕಂಪನಿಯ ಮುಂಬೈ ಕಚೇರಿಯಿಂದ ಕರಣ್ ದೀಪ್ ಹಡಗಿನಿಂದ ನಾಪತ್ತೆಯಾಗಿದ್ದಾರೆ ಎಂದು ಮನೆಯವರಿಗೆ ಕರೆ ಬಂದಿತ್ತು. ಕಂಪನಿ ಅಧಿಕಾರಿಗಳು ಹೆಚ್ಚಿನ ಮಾಹಿತಿ ನೀಡಿಲ್ಲ. ಸರ್ಕಾರ ಮಧ್ಯಪ್ರವೇಶಿಸಿ ಮಗನನ್ನು ಹುಡುಕಿಕೊಡಬೇಕು ಎಂದು ಕುಟುಂಬಸ್ಥರು ಮನವಿ ಮಾಡಿದ್ದಾರೆ. ಎಂದು ಮಾಹಿತಿ ನೀಡಿದೆ.

ಹೋರಿ ಜೈ ಹನುಮಾನ್ ಅನಾರೋಗ್ಯದಿಂದ ಸಾವು
ಸಂಜೆವಾಣಿ ವಾರ್ತೆ

ಶಿವಮೊಗ್ಗ,ಅ5-ಜಿಲ್ಲೆಯ ಸೊರಬ ತಾಲೂಕಿನಲ್ಲಿ ಹೋರಿ ಬೆದರಿಸುವ ಸ್ಪರ್ಧೆಯಲ್ಲಿ ಹೆಸರುವಾಸಿಯಾಗಿದ್ದ ಜೈ ಹನುಮಾನ್ ಹೋರಿ ಅನಾರೋಗ್ಯದಿಂದ ಮೃತಪಟ್ಟಿದೆ. ಹಲವು ವರ್ಷಗಳಿಂದ ನೂರಾರು ಸ್ಪರ್ಧೆಗಳಲ್ಲಿ ಬಹುಮಾನ ಗೆದ್ದಿದ್ದ ಹೋರಿ ಸಾವಿನಿಂದ ಅಭಿಮಾನಿಗಳು ಕಂಬನಿ ಮಿಡಿದಿದ್ದಾರೆ.

ಹೋರಿಗೆ ಸಿಲ್ಲಾದರೆ, ತಾಲೂಕಿನ ಕುಬಟೂರು ಗ್ರಾಮದ ಬಳಿಯ ಬಂಡಾರ್ ಬಜಾಪುರ ಬೈಕ್ ಸ್ಟೆಡಿಂಗ್ ನಲ್ಲಿ ಹೋರಿಯ ಅಂತಿಮ ಸಂಸ್ಕಾರ ನಡೆಸಲಾಯಿತು. ಗ್ರಾಮಸ್ಥರು ಹೋರಿಗೆ ಪೂಜೆ ಸಲ್ಲಿಸಿ ಮೆರವಣಿಗೆ ನಡೆಸಿದರು. ಜೈ ಹನುಮಾನ್ ಹೋರಿ ಎಂದರೆ ಸ್ಪರ್ಧೆಯಲ್ಲಿ ಎಲ್ಲರಿಗೂ ಅಚ್ಚುಮೆಚ್ಚು. ಹೋರಿಯ ಮಾಲೀಕರು ಮತ್ತು ಅಭಿಮಾನಿಗಳು ಹೋರಿಯ ಪುಣ್ಯಸ್ಮರಣೆ ಕಾರ್ಯಕ್ರಮ ಆಯೋಜಿಸಲು ನಿರ್ಧರಿಸಿದ್ದಾರೆ.

ಹೋರಿ ಸಾವಿಗೆ ಹಲವು ಗ್ರಾಮಗಳ ಜನರು ಸಂತಾಪ ಸೂಚಿಸಿದ್ದಾರೆ. ಕರ್ನಾಟಕದ ಹಲವು ಭಾಗಗಳಲ್ಲಿ ನಡೆದ ಸ್ಪರ್ಧೆಗಳಲ್ಲಿ ಹೋರಿ ಭಾಗವಹಿಸಿತ್ತು. ಹೋರಿಯ ನೆನಪಿಗಾಗಿ ಸ್ಮಾರಕ ನಿರ್ಮಿಸುವ ಬಗ್ಗೆ ಚಿಂತನೆ ನಡೆದಿದೆ. ಸಮಿತಿ ಪದಾಧಿಕಾರಿಗಳು ಹಾಗೂ ಹೋರಿ ಅಭಿಮಾನಿಗಳು ಪಾಲ್ಗೊಂಡಿದ್ದರು.

Edited, Printed and Published by B.T. Amuthan on behalf of M/s Karnataka News Publications (P) Ltd., Printed at No. 12-3-221 Rajendra Gunj (apmc) Near Old SBI Bank Building , Raichur-584102. RNI No. KARKAN/2008/26484 Postal Regd No. 52/2012-2014
